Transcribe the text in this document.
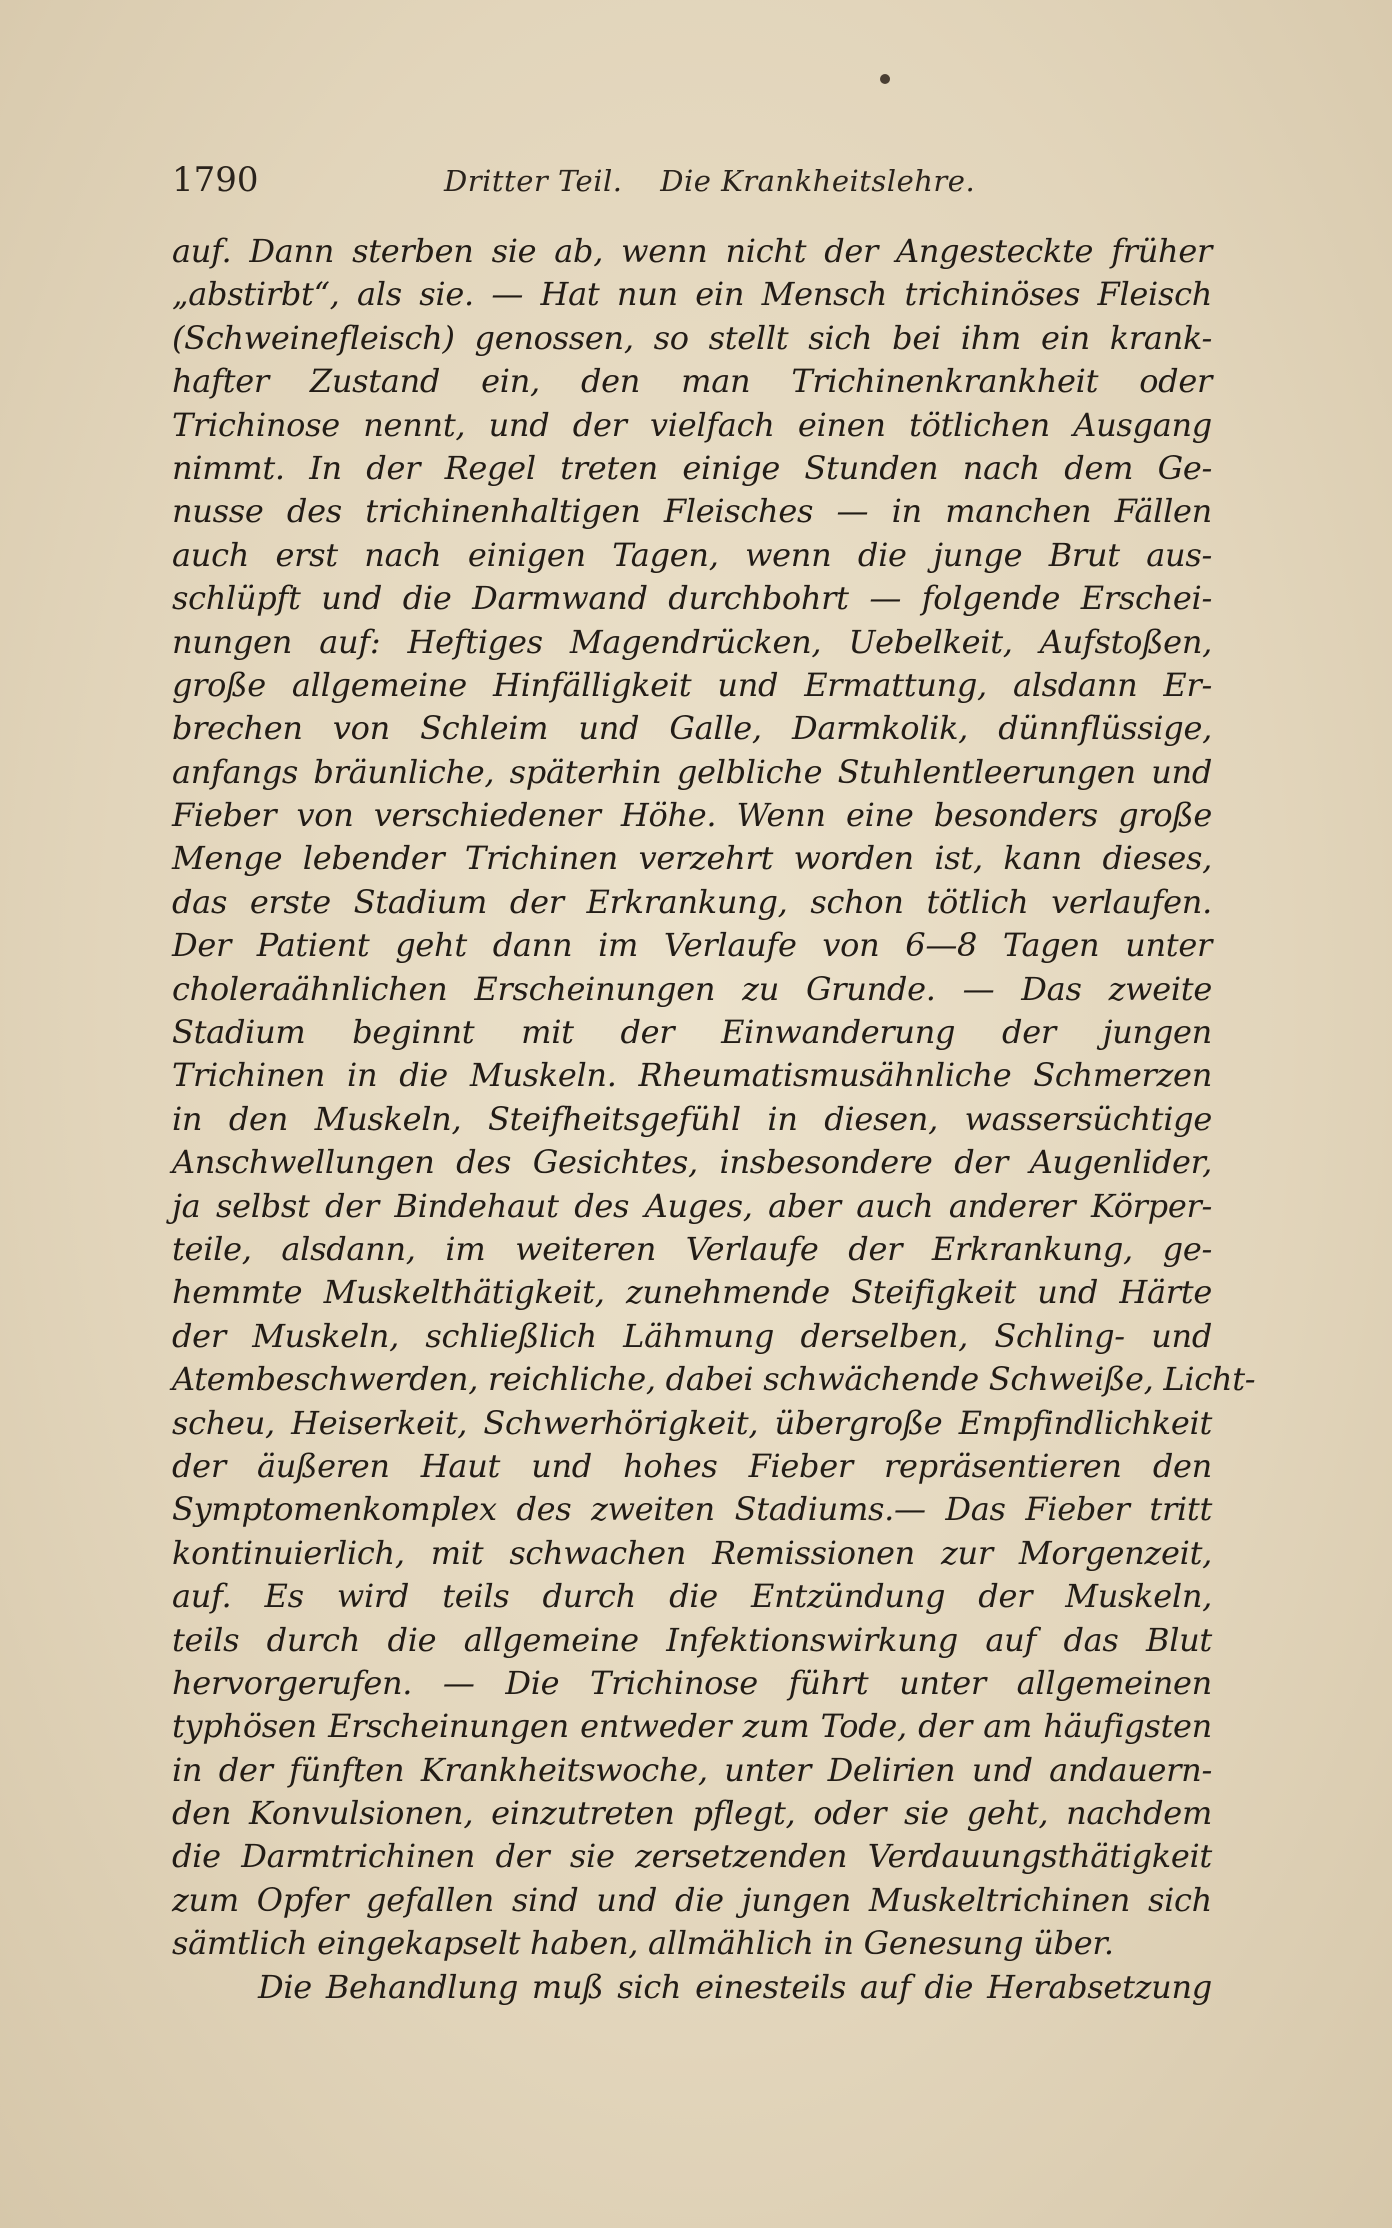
1790	Dritter Teil. Die Krankheitslehre.
auf. Dann sterben sie ab, wenn nicht der Angesteckte früher
„abstirbt“, als sie. — Hat nun ein Mensch trichinöses Fleisch
(Schweinefleisch) genossen, so stellt sich bei ihm ein krank-
hafter Zustand ein, den man Trichinenkrankheit oder
Trichinose nennt, und der vielfach einen tötlichen Ausgang
nimmt. In der Regel treten einige Stunden nach dem Ge-
nusse des trichinenhaltigen Fleisches — in manchen Fällen
auch erst nach einigen Tagen, wenn die junge Brut aus-
schlüpft und die Darmwand durchbohrt — folgende Erschei-
nungen auf: Heftiges Magendrücken, Uebelkeit, Aufstoßen,
große allgemeine Hinfälligkeit und Ermattung, alsdann Er-
brechen von Schleim und Galle, Darmkolik, dünnflüssige,
anfangs bräunliche, späterhin gelbliche Stuhlentleerungen und
Fieber von verschiedener Höhe. Wenn eine besonders große
Menge lebender Trichinen verzehrt worden ist, kann dieses,
das erste Stadium der Erkrankung, schon tötlich verlaufen.
Der Patient geht dann im Verlaufe von 6—8 Tagen unter
choleraähnlichen Erscheinungen zu Grunde. — Das zweite
Stadium beginnt mit der Einwanderung der jungen
Trichinen in die Muskeln. Rheumatismusähnliche Schmerzen
in den Muskeln, Steifheitsgefühl in diesen, wassersüchtige
Anschwellungen des Gesichtes, insbesondere der Augenlider,
ja selbst der Bindehaut des Auges, aber auch anderer Körper-
teile, alsdann, im weiteren Verlaufe der Erkrankung, ge-
hemmte Muskelthätigkeit, zunehmende Steifigkeit und Härte
der Muskeln, schließlich Lähmung derselben, Schling- und
Atembeschwerden, reichliche, dabei schwächende Schweiße, Licht-
scheu, Heiserkeit, Schwerhörigkeit, übergroße Empfindlichkeit
der äußeren Haut und hohes Fieber repräsentieren den
Symptomenkomplex des zweiten Stadiums.— Das Fieber tritt
kontinuierlich, mit schwachen Remissionen zur Morgenzeit,
auf. Es wird teils durch die Entzündung der Muskeln,
teils durch die allgemeine Infektionswirkung auf das Blut
hervorgerufen. — Die Trichinose führt unter allgemeinen
typhösen Erscheinungen entweder zum Tode, der am häufigsten
in der fünften Krankheitswoche, unter Delirien und andauern-
den Konvulsionen, einzutreten pflegt, oder sie geht, nachdem
die Darmtrichinen der sie zersetzenden Verdauungsthätigkeit
zum Opfer gefallen sind und die jungen Muskeltrichinen sich
sämtlich eingekapselt haben, allmählich in Genesung über.
Die Behandlung muß sich einesteils auf die Herabsetzung
